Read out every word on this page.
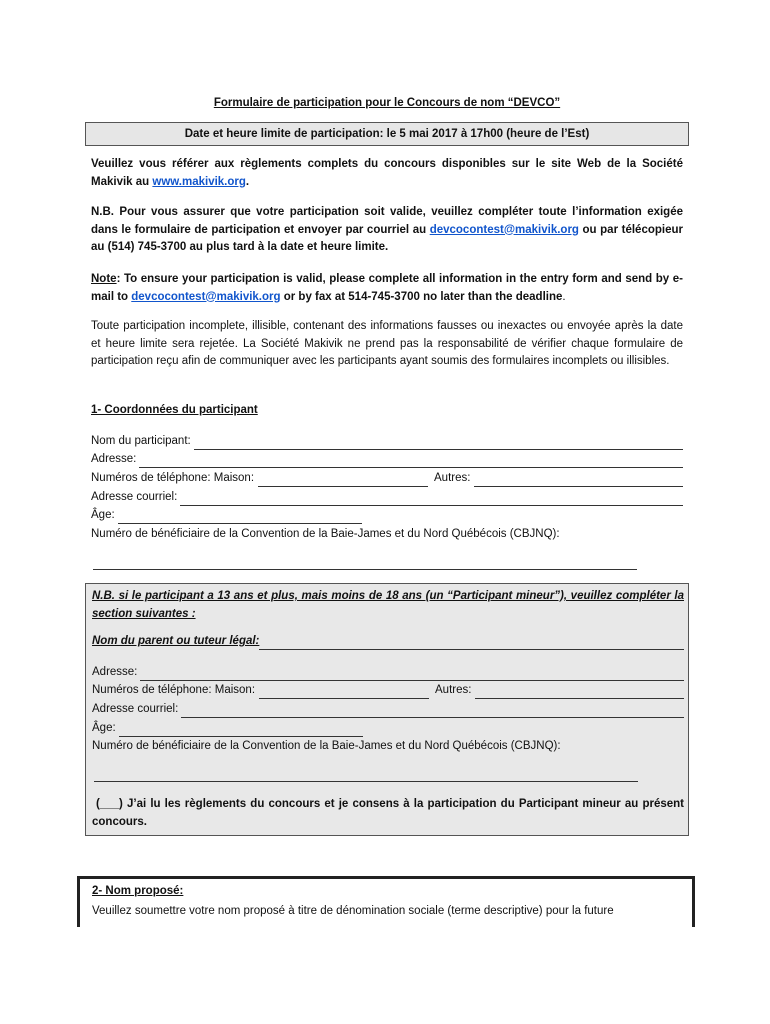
Formulaire de participation pour le Concours de nom “DEVCO”
Date et heure limite de participation: le 5 mai 2017 à 17h00 (heure de l’Est)
Veuillez vous référer aux règlements complets du concours disponibles sur le site Web de la Société Makivik au www.makivik.org.
N.B. Pour vous assurer que votre participation soit valide, veuillez compléter toute l’information exigée dans le formulaire de participation et envoyer par courriel au devcocontest@makivik.org ou par télécopieur au (514) 745-3700 au plus tard à la date et heure limite.
Note: To ensure your participation is valid, please complete all information in the entry form and send by e-mail to devcocontest@makivik.org or by fax at 514-745-3700 no later than the deadline.
Toute participation incomplete, illisible, contenant des informations fausses ou inexactes ou envoyée après la date et heure limite sera rejetée. La Société Makivik ne prend pas la responsabilité de vérifier chaque formulaire de participation reçu afin de communiquer avec les participants ayant soumis des formulaires incomplets ou illisibles.
1- Coordonnées du participant
Nom du participant:
Adresse:
Numéros de téléphone: Maison:	Autres:
Adresse courriel:
Âge:
Numéro de bénéficiaire de la Convention de la Baie-James et du Nord Québécois (CBJNQ):
N.B. si le participant a 13 ans et plus, mais moins de 18 ans (un “Participant mineur”), veuillez compléter la section suivantes :
Nom du parent ou tuteur légal:
Adresse:
Numéros de téléphone: Maison:	Autres:
Adresse courriel:
Âge:
Numéro de bénéficiaire de la Convention de la Baie-James et du Nord Québécois (CBJNQ):
(___) J’ai lu les règlements du concours et je consens à la participation du Participant mineur au présent concours.
2- Nom proposé:
Veuillez soumettre votre nom proposé à titre de dénomination sociale (terme descriptive) pour la future
